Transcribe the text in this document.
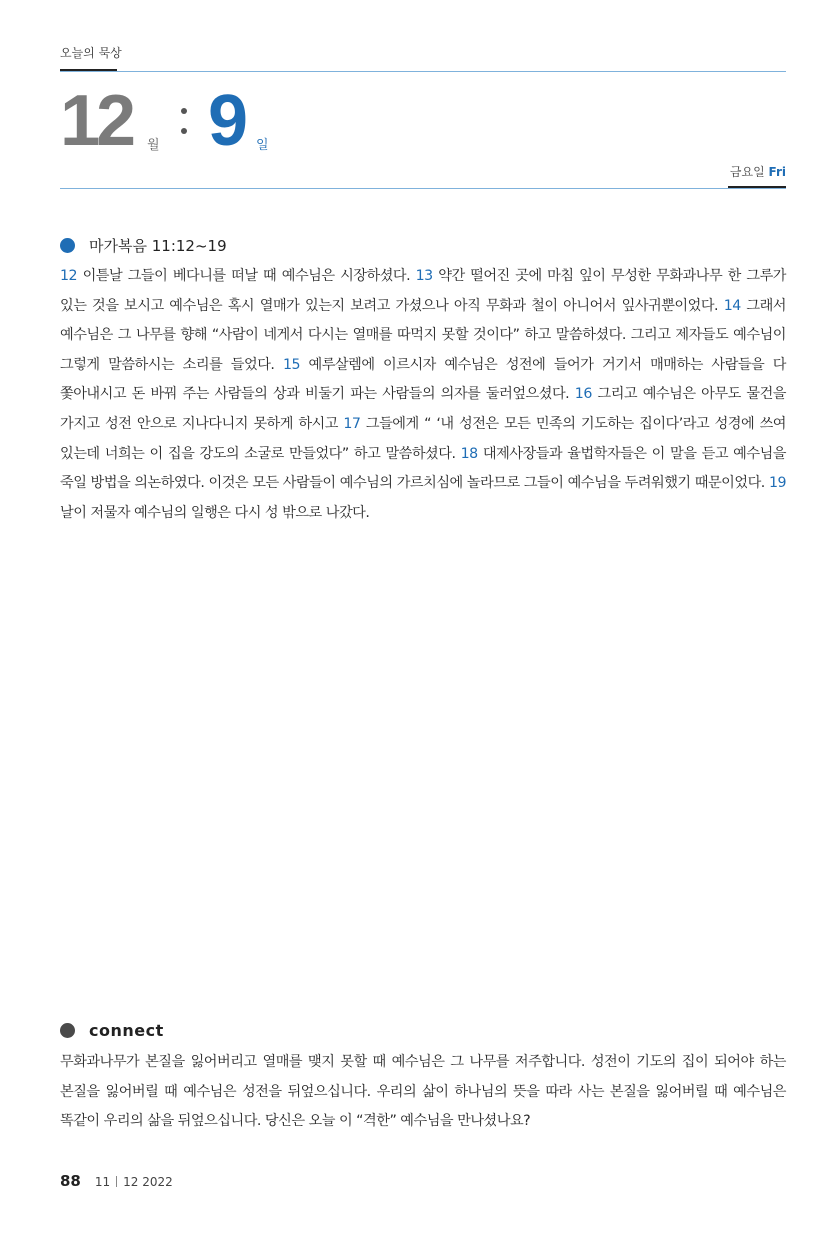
오늘의 묵상
12 월 9 일
금요일 Fri
마가복음 11:12~19
12 이튿날 그들이 베다니를 떠날 때 예수님은 시장하셨다. 13 약간 떨어진 곳에 마침 잎이 무성한 무화과나무 한 그루가 있는 것을 보시고 예수님은 혹시 열매가 있는지 보려고 가셨으나 아직 무화과 철이 아니어서 잎사귀뿐이었다. 14 그래서 예수님은 그 나무를 향해 “사람이 네게서 다시는 열매를 따먹지 못할 것이다” 하고 말씀하셨다. 그리고 제자들도 예수님이 그렇게 말씀하시는 소리를 들었다. 15 예루살렘에 이르시자 예수님은 성전에 들어가 거기서 매매하는 사람들을 다 쫓아내시고 돈 바꿔 주는 사람들의 상과 비둘기 파는 사람들의 의자를 둘러엎으셨다. 16 그리고 예수님은 아무도 물건을 가지고 성전 안으로 지나다니지 못하게 하시고 17 그들에게 “ ‘내 성전은 모든 민족의 기도하는 집이다’라고 성경에 쓰여 있는데 너희는 이 집을 강도의 소굴로 만들었다” 하고 말씀하셨다. 18 대제사장들과 율법학자들은 이 말을 듣고 예수님을 죽일 방법을 의논하였다. 이것은 모든 사람들이 예수님의 가르치심에 놀라므로 그들이 예수님을 두려워했기 때문이었다. 19 날이 저물자 예수님의 일행은 다시 성 밖으로 나갔다.
connect
무화과나무가 본질을 잃어버리고 열매를 맺지 못할 때 예수님은 그 나무를 저주합니다. 성전이 기도의 집이 되어야 하는 본질을 잃어버릴 때 예수님은 성전을 뒤엎으십니다. 우리의 삶이 하나님의 뜻을 따라 사는 본질을 잃어버릴 때 예수님은 똑같이 우리의 삶을 뒤엎으십니다. 당신은 오늘 이 “격한” 예수님을 만나셨나요?
88 11 12 2022
